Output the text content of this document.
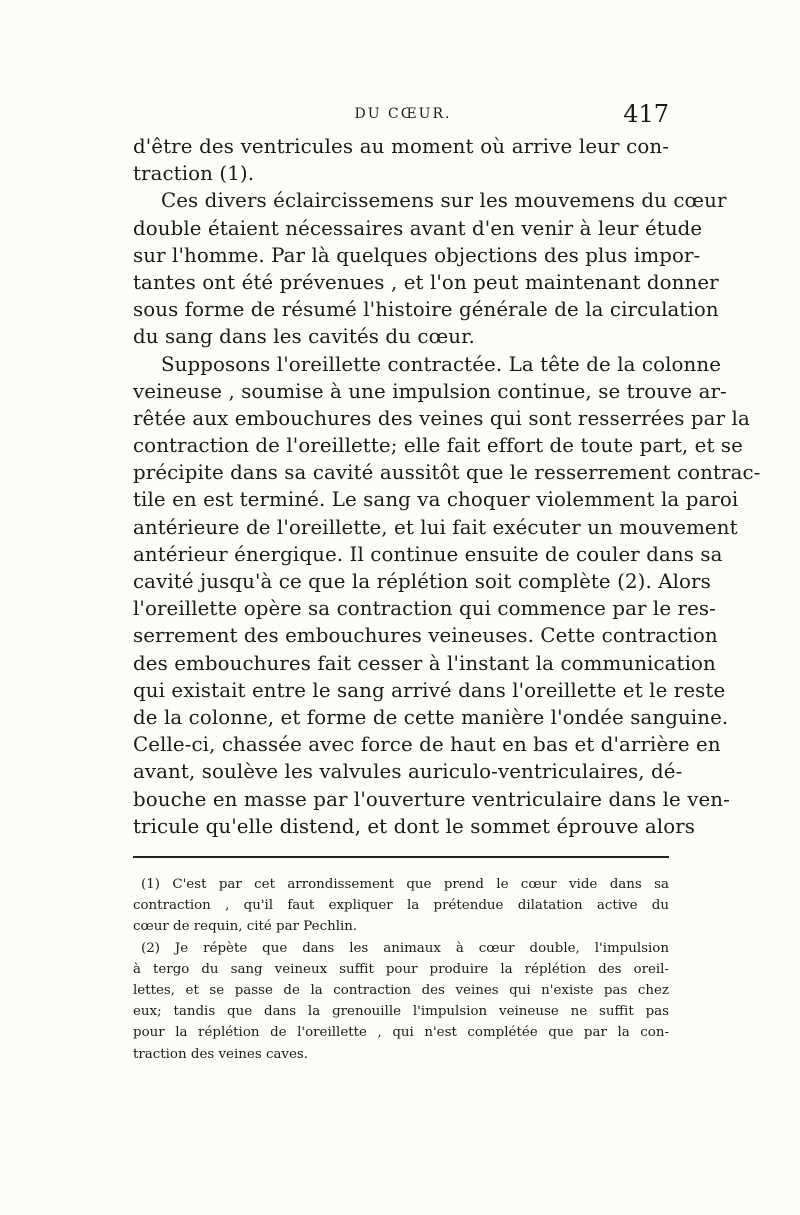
DU CŒUR.	417
d'être des ventricules au moment où arrive leur con-
traction (1).
Ces divers éclaircissemens sur les mouvemens du cœur
double étaient nécessaires avant d'en venir à leur étude
sur l'homme. Par là quelques objections des plus impor-
tantes ont été prévenues , et l'on peut maintenant donner
sous forme de résumé l'histoire générale de la circulation
du sang dans les cavités du cœur.
Supposons l'oreillette contractée. La tête de la colonne
veineuse , soumise à une impulsion continue, se trouve ar-
rêtée aux embouchures des veines qui sont resserrées par la
contraction de l'oreillette; elle fait effort de toute part, et se
précipite dans sa cavité aussitôt que le resserrement contrac-
tile en est terminé. Le sang va choquer violemment la paroi
antérieure de l'oreillette, et lui fait exécuter un mouvement
antérieur énergique. Il continue ensuite de couler dans sa
cavité jusqu'à ce que la réplétion soit complète (2). Alors
l'oreillette opère sa contraction qui commence par le res-
serrement des embouchures veineuses. Cette contraction
des embouchures fait cesser à l'instant la communication
qui existait entre le sang arrivé dans l'oreillette et le reste
de la colonne, et forme de cette manière l'ondée sanguine.
Celle-ci, chassée avec force de haut en bas et d'arrière en
avant, soulève les valvules auriculo-ventriculaires, dé-
bouche en masse par l'ouverture ventriculaire dans le ven-
tricule qu'elle distend, et dont le sommet éprouve alors
(1) C'est par cet arrondissement que prend le cœur vide dans sa
contraction , qu'il faut expliquer la prétendue dilatation active du
cœur de requin, cité par Pechlin.
(2) Je répète que dans les animaux à cœur double, l'impulsion
à tergo du sang veineux suffit pour produire la réplétion des oreil-
lettes, et se passe de la contraction des veines qui n'existe pas chez
eux; tandis que dans la grenouille l'impulsion veineuse ne suffit pas
pour la réplétion de l'oreillette , qui n'est complétée que par la con-
traction des veines caves.
